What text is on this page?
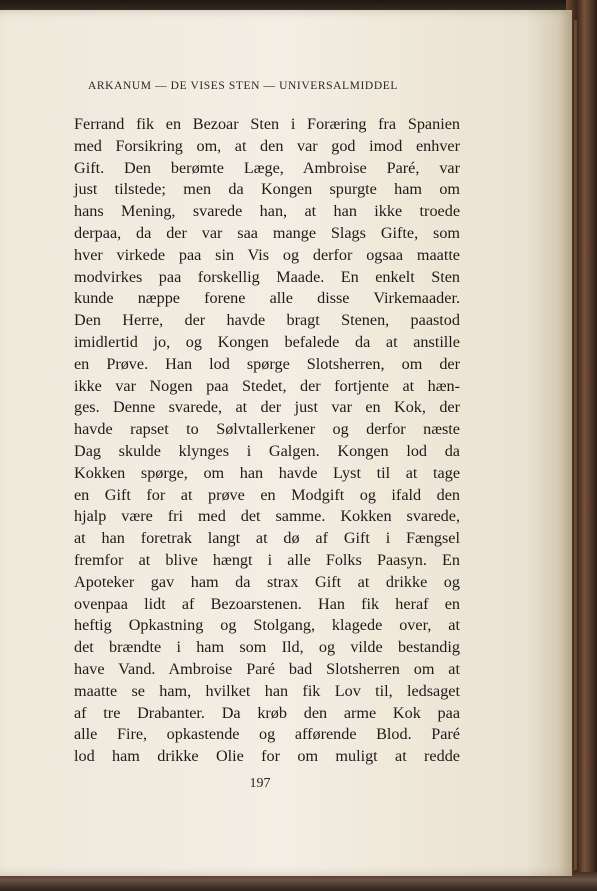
ARKANUM — DE VISES STEN — UNIVERSALMIDDEL
Ferrand fik en Bezoar Sten i Foræring fra Spanien
med Forsikring om, at den var god imod enhver
Gift. Den berømte Læge, Ambroise Paré, var
just tilstede; men da Kongen spurgte ham om
hans Mening, svarede han, at han ikke troede
derpaa, da der var saa mange Slags Gifte, som
hver virkede paa sin Vis og derfor ogsaa maatte
modvirkes paa forskellig Maade. En enkelt Sten
kunde næppe forene alle disse Virkemaader.
Den Herre, der havde bragt Stenen, paastod
imidlertid jo, og Kongen befalede da at anstille
en Prøve. Han lod spørge Slotsherren, om der
ikke var Nogen paa Stedet, der fortjente at hæn-
ges. Denne svarede, at der just var en Kok, der
havde rapset to Sølvtallerkener og derfor næste
Dag skulde klynges i Galgen. Kongen lod da
Kokken spørge, om han havde Lyst til at tage
en Gift for at prøve en Modgift og ifald den
hjalp være fri med det samme. Kokken svarede,
at han foretrak langt at dø af Gift i Fængsel
fremfor at blive hængt i alle Folks Paasyn. En
Apoteker gav ham da strax Gift at drikke og
ovenpaa lidt af Bezoarstenen. Han fik heraf en
heftig Opkastning og Stolgang, klagede over, at
det brændte i ham som Ild, og vilde bestandig
have Vand. Ambroise Paré bad Slotsherren om at
maatte se ham, hvilket han fik Lov til, ledsaget
af tre Drabanter. Da krøb den arme Kok paa
alle Fire, opkastende og afførende Blod. Paré
lod ham drikke Olie for om muligt at redde
197
